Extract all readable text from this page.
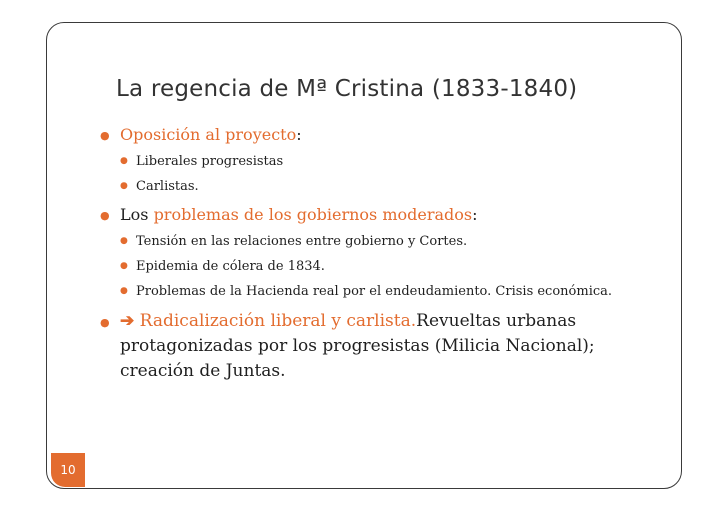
La regencia de Mª Cristina (1833-1840)
● Oposición al proyecto:
● Liberales progresistas
● Carlistas.
● Los problemas de los gobiernos moderados:
● Tensión en las relaciones entre gobierno y Cortes.
● Epidemia de cólera de 1834.
● Problemas de la Hacienda real por el endeudamiento. Crisis económica.
● ➔ Radicalización liberal y carlista.Revueltas urbanas protagonizadas por los progresistas (Milicia Nacional); creación de Juntas.
10
